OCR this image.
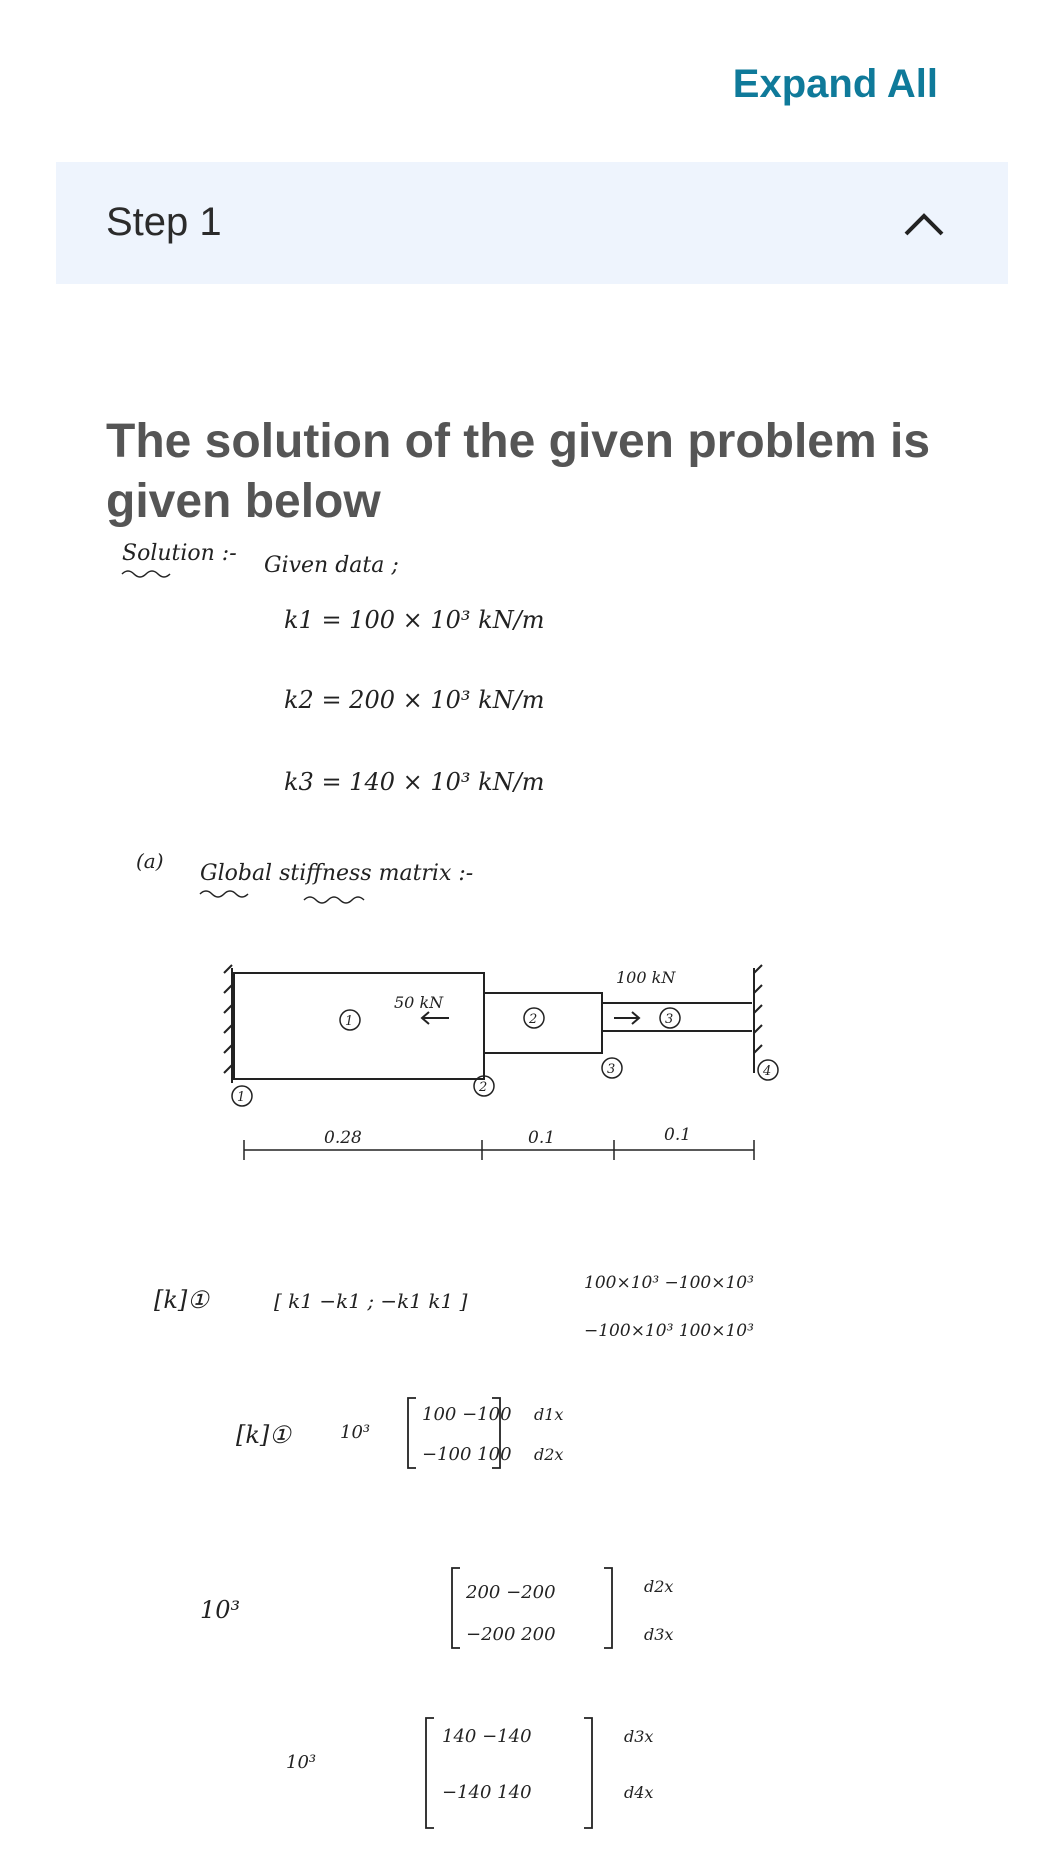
Expand All
Step 1
The solution of the given problem is given below
Solution :- Given data ;
k1 = 100 × 10³ kN/m
k2 = 200 × 10³ kN/m
k3 = 140 × 10³ kN/m
(a) Global stiffness matrix :-
50 kN
100 kN
1	2	3
1
2
3	4
0.28	0.1	0.1
[k]①	[ k1 −k1 ; −k1 k1 ]
100×10³ −100×10³
−100×10³ 100×10³
[k]①	10³
100 −100
−100 100
d1x
d2x
10³
200 −200
−200 200
d2x
d3x
10³
140 −140
−140 140
d3x
d4x
